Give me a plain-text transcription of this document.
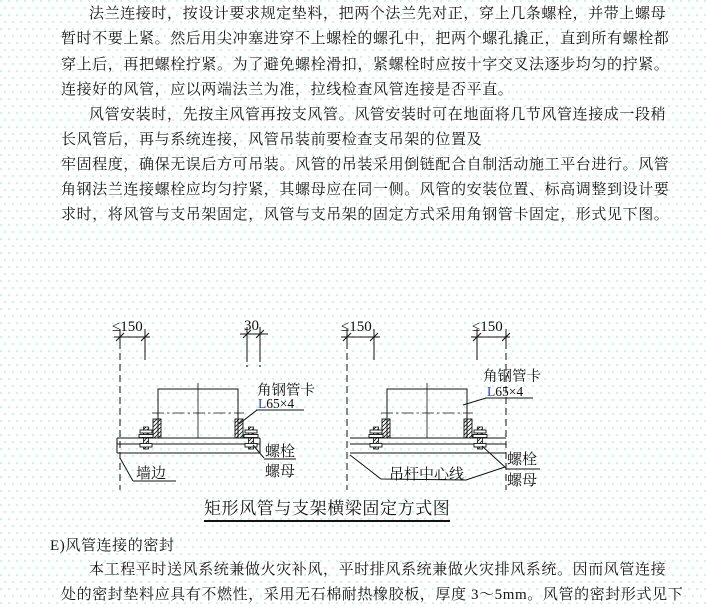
法兰连接时，按设计要求规定垫料，把两个法兰先对正，穿上几条螺栓，并带上螺母
暂时不要上紧。然后用尖冲塞进穿不上螺栓的螺孔中，把两个螺孔撬正，直到所有螺栓都
穿上后，再把螺栓拧紧。为了避免螺栓滑扣，紧螺栓时应按十字交叉法逐步均匀的拧紧。
连接好的风管，应以两端法兰为准，拉线检查风管连接是否平直。
风管安装时，先按主风管再按支风管。风管安装时可在地面将几节风管连接成一段稍
长风管后，再与系统连接，风管吊装前要检查支吊架的位置及
牢固程度，确保无误后方可吊装。风管的吊装采用倒链配合自制活动施工平台进行。风管
角钢法兰连接螺栓应均匀拧紧，其螺母应在同一侧。风管的安装位置、标高调整到设计要
求时，将风管与支吊架固定，风管与支吊架的固定方式采用角钢管卡固定，形式见下图。
≤150	30
角钢管卡
L65×4
螺栓
螺母
墙边
≤150	≤150
角钢管卡
L65×4
螺栓
螺母
吊杆中心线
矩形风管与支架横梁固定方式图
E)风管连接的密封
本工程平时送风系统兼做火灾补风，平时排风系统兼做火灾排风系统。因而风管连接
处的密封垫料应具有不燃性，采用无石棉耐热橡胶板，厚度 3～5mm。风管的密封形式见下
